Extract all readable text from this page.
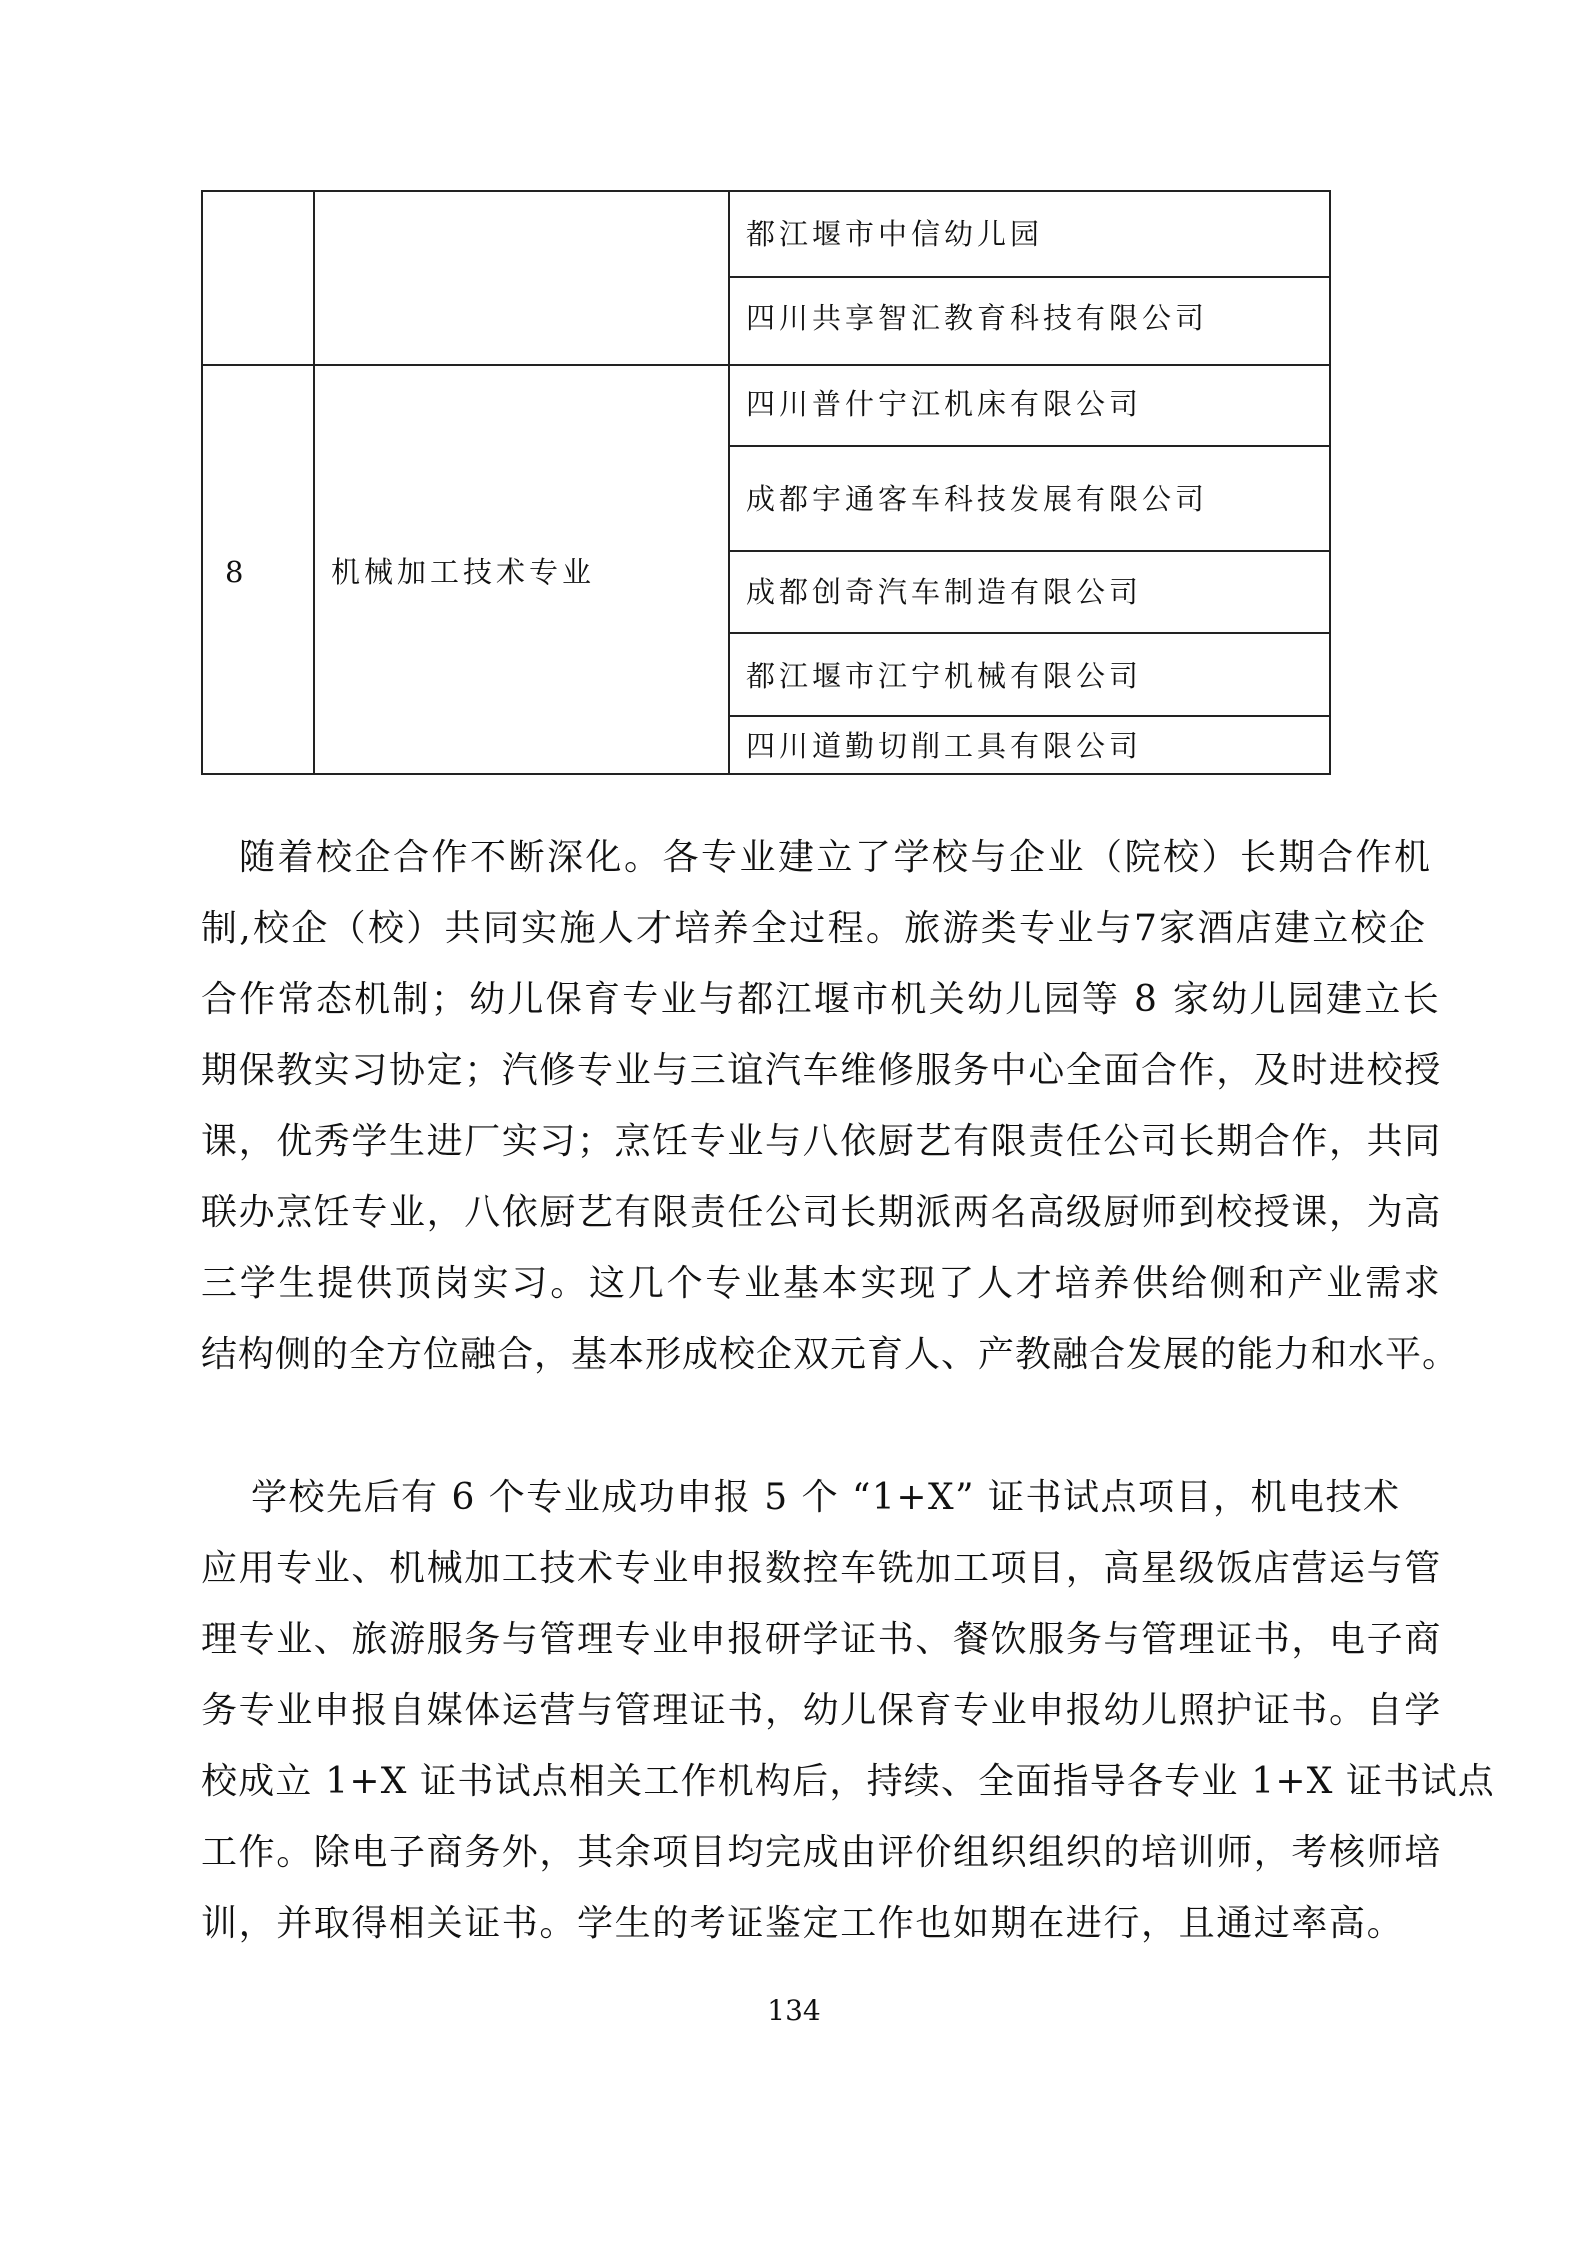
都江堰市中信幼儿园
四川共享智汇教育科技有限公司
8	机械加工技术专业
四川普什宁江机床有限公司
成都宇通客车科技发展有限公司
成都创奇汽车制造有限公司
都江堰市江宁机械有限公司
四川道勤切削工具有限公司
随着校企合作不断深化。各专业建立了学校与企业（院校）长期合作机
制,校企（校）共同实施人才培养全过程。旅游类专业与7家酒店建立校企
合作常态机制；幼儿保育专业与都江堰市机关幼儿园等 8 家幼儿园建立长
期保教实习协定；汽修专业与三谊汽车维修服务中心全面合作，及时进校授
课，优秀学生进厂实习；烹饪专业与八依厨艺有限责任公司长期合作，共同
联办烹饪专业，八依厨艺有限责任公司长期派两名高级厨师到校授课，为高
三学生提供顶岗实习。这几个专业基本实现了人才培养供给侧和产业需求
结构侧的全方位融合，基本形成校企双元育人、产教融合发展的能力和水平。
学校先后有 6 个专业成功申报 5 个 “1+X” 证书试点项目，机电技术
应用专业、机械加工技术专业申报数控车铣加工项目，高星级饭店营运与管
理专业、旅游服务与管理专业申报研学证书、餐饮服务与管理证书，电子商
务专业申报自媒体运营与管理证书，幼儿保育专业申报幼儿照护证书。自学
校成立 1+X 证书试点相关工作机构后，持续、全面指导各专业 1+X 证书试点
工作。除电子商务外，其余项目均完成由评价组织组织的培训师，考核师培
训，并取得相关证书。学生的考证鉴定工作也如期在进行，且通过率高。
134
